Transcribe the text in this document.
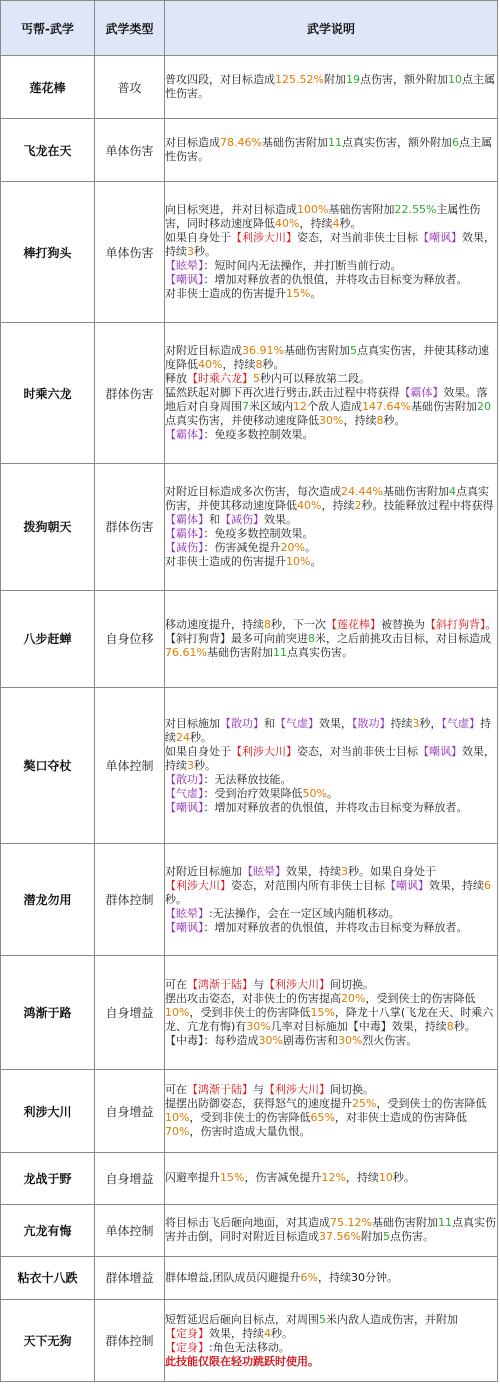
丐帮-武学	武学类型	武学说明
莲花棒	普攻	普攻四段，对目标造成125.52%附加19点伤害，额外附加10点主属性伤害。

飞龙在天	单体伤害	对目标造成78.46%基础伤害附加11点真实伤害，额外附加6点主属性伤害。

棒打狗头	单体伤害	向目标突进，并对目标造成100%基础伤害附加22.55%主属性伤害，同时移动速度降低40%，持续4秒。

如果自身处于【利涉大川】姿态，对当前非侠士目标【嘲讽】效果，持续3秒。

【眩晕】：短时间内无法操作，并打断当前行动。

【嘲讽】：增加对释放者的仇恨值，并将攻击目标变为释放者。

对非侠士造成的伤害提升15%。

时乘六龙	群体伤害	对附近目标造成36.91%基础伤害附加5点真实伤害，并使其移动速度降低40%，持续8秒。

释放【时乘六龙】5秒内可以释放第二段。

猛然跃起对脚下再次进行劈击,跃击过程中将获得【霸体】效果。落地后对自身周围7米区域内12个敌人造成147.64%基础伤害附加20点真实伤害，并使移动速度降低30%，持续8秒。

【霸体】：免疫多数控制效果。

拨狗朝天	群体伤害	对附近目标造成多次伤害，每次造成24.44%基础伤害附加4点真实伤害，并使其移动速度降低40%，持续2秒。技能释放过程中将获得【霸体】和【减伤】效果。

【霸体】：免疫多数控制效果。

【减伤】：伤害减免提升20%。

对非侠士造成的伤害提升10%。

八步赶蝉	自身位移	移动速度提升，持续8秒，下一次【莲花棒】被替换为【斜打狗背】。

【斜打狗背】最多可向前突进8米，之后前挑攻击目标，对目标造成76.61%基础伤害附加11点真实伤害。

獒口夺杖	单体控制	对目标施加【散功】和【气虚】效果，【散功】持续3秒，【气虚】持续24秒。

如果自身处于【利涉大川】姿态，对当前非侠士目标【嘲讽】效果，持续3秒。

【散功】：无法释放技能。

【气虚】：受到治疗效果降低50%。

【嘲讽】：增加对释放者的仇恨值，并将攻击目标变为释放者。

潜龙勿用	群体控制	对附近目标施加【眩晕】效果，持续3秒。如果自身处于【利涉大川】姿态，对范围内所有非侠士目标【嘲讽】效果，持续6秒。

【眩晕】:无法操作，会在一定区域内随机移动。

【嘲讽】：增加对释放者的仇恨值，并将攻击目标变为释放者。

鸿渐于路	自身增益	可在【鸿渐于陆】与【利涉大川】间切换。

摆出攻击姿态，对非侠士的伤害提高20%，受到侠士的伤害降低10%，受到非侠士的伤害降低15%，降龙十八掌(飞龙在天、时乘六龙、亢龙有悔)有30%几率对目标施加【中毒】效果，持续8秒。

【中毒】：每秒造成30%剧毒伤害和30%烈火伤害。

利涉大川	自身增益	可在【鸿渐于陆】与【利涉大川】间切换。

提摆出防御姿态，获得怒气的速度提升25%，受到侠士的伤害降低10%，受到非侠士的伤害降低65%，对非侠士造成的伤害降低70%，伤害时造成大量仇恨。

龙战于野	自身增益	闪避率提升15%，伤害减免提升12%，持续10秒。

亢龙有悔	单体控制	将目标击飞后砸向地面，对其造成75.12%基础伤害附加11点真实伤害并击倒，同时对附近目标造成37.56%附加5点伤害。

粘衣十八跌	群体增益	群体增益,团队成员闪避提升6%，持续30分钟。

天下无狗	群体控制	短暂延迟后砸向目标点，对周围5米内敌人造成伤害，并附加【定身】效果，持续4秒。

【定身】:角色无法移动。

此技能仅限在轻功跳跃时使用。
